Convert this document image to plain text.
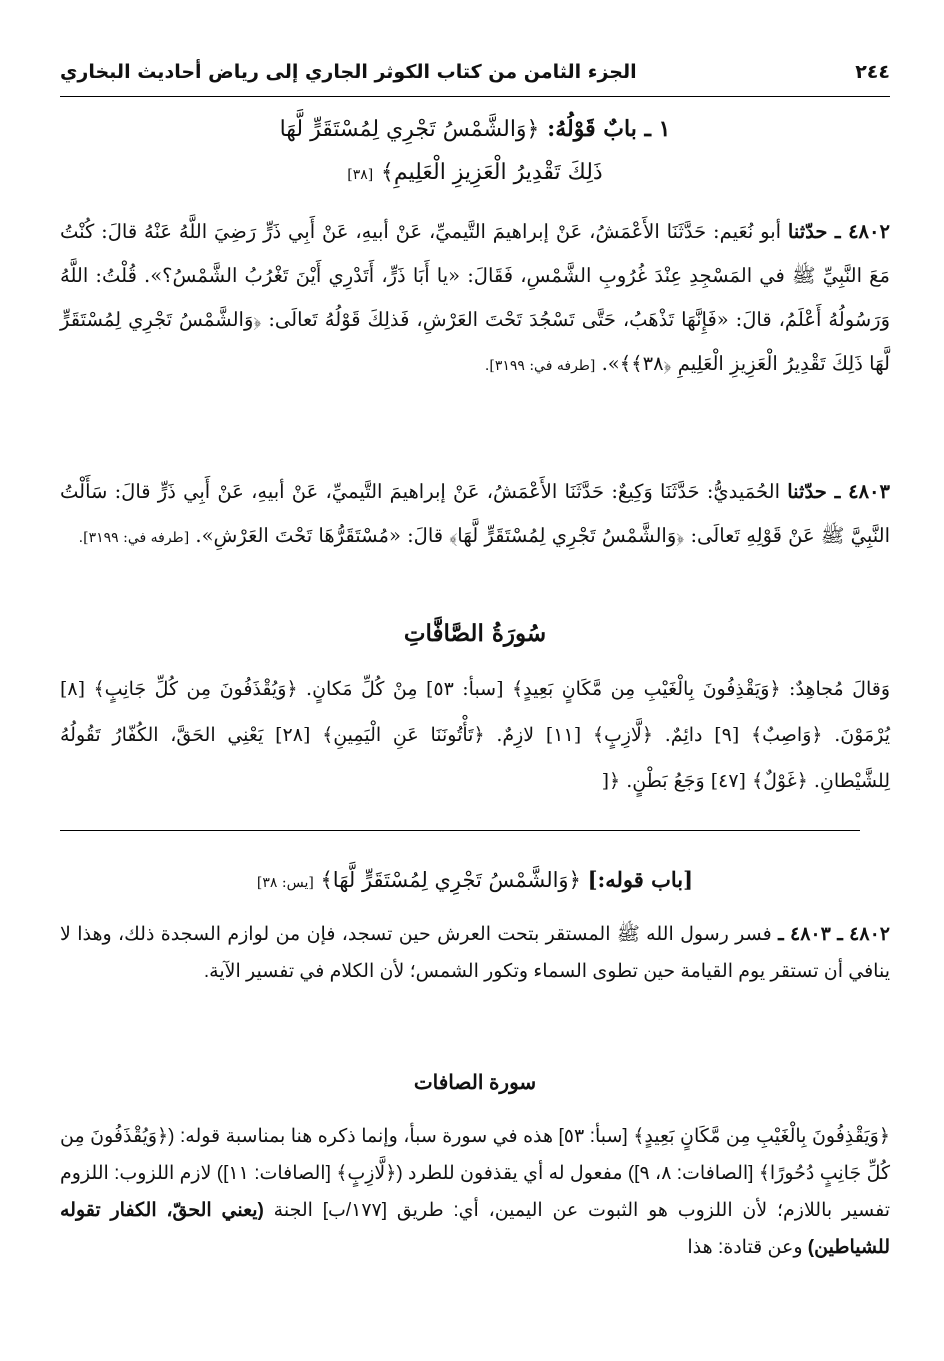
٢٤٤
الجزء الثامن من كتاب الكوثر الجاري إلى رياض أحاديث البخاري
١ ـ بابٌ قَوْلُهُ: ﴿وَالشَّمْسُ تَجْرِي لِمُسْتَقَرٍّ لَّهَا
ذَلِكَ تَقْدِيرُ الْعَزِيزِ الْعَلِيمِ﴾ [٣٨]
٤٨٠٢ ـ حدّثنا أبو نُعَيم: حَدَّثَنَا الأَعْمَشُ، عَنْ إبراهيمَ التَّيميِّ، عَنْ أبيهِ، عَنْ أَبِي ذَرٍّ رَضِيَ اللَّهُ عَنْهُ قالَ: كُنْتُ مَعَ النَّبِيِّ ﷺ في المَسْجِدِ عِنْدَ غُرُوبِ الشَّمْسِ، فَقَالَ: «يا أَبَا ذَرٍّ، أَتَدْرِي أَيْنَ تَغْرُبُ الشَّمْسُ؟». قُلْتُ: اللَّهُ وَرَسُولُهُ أَعْلَمُ، قالَ: «فَإِنَّهَا تَذْهَبُ، حَتَّى تَسْجُدَ تَحْتَ العَرْشِ، فَذلِكَ قَوْلُهُ تَعالَى: ﴿وَالشَّمْسُ تَجْرِي لِمُسْتَقَرٍّ لَّهَا ذَلِكَ تَقْدِيرُ الْعَزِيزِ الْعَلِيمِ ﴿٣٨﴾﴾». [طرفه في: ٣١٩٩].
٤٨٠٣ ـ حدّثنا الحُمَيديُّ: حَدَّثَنَا وَكِيعٌ: حَدَّثَنَا الأَعْمَشُ، عَنْ إبراهيمَ التَّيميِّ، عَنْ أبيهِ، عَنْ أَبِي ذَرٍّ قالَ: سَأَلْتُ النَّبِيَّ ﷺ عَنْ قَوْلِهِ تَعالَى: ﴿وَالشَّمْسُ تَجْرِي لِمُسْتَقَرٍّ لَّهَا﴾ قالَ: «مُسْتَقَرُّهَا تَحْتَ العَرْشِ». [طرفه في: ٣١٩٩].
سُورَةُ الصَّافَّاتِ
وَقالَ مُجاهِدٌ: ﴿وَيَقْذِفُونَ بِالْغَيْبِ مِن مَّكَانٍ بَعِيدٍ﴾ [سبأ: ٥٣] مِنْ كُلِّ مَكانٍ. ﴿وَيُقْذَفُونَ مِن كُلِّ جَانِبٍ﴾ [٨] يُرْمَوْنَ. ﴿وَاصِبٌ﴾ [٩] دائِمٌ. ﴿لَّازِبٍ﴾ [١١] لازِمٌ. ﴿تَأْتُونَنَا عَنِ الْيَمِينِ﴾ [٢٨] يَعْنِي الحَقَّ، الكُفّارُ تَقُولُهُ لِلشَّيْطانِ. ﴿غَوْلٌ﴾ [٤٧] وَجَعُ بَطْنٍ. ﴿[
[باب قوله:] ﴿وَالشَّمْسُ تَجْرِي لِمُسْتَقَرٍّ لَّهَا﴾ [يس: ٣٨]
٤٨٠٢ ـ ٤٨٠٣ ـ فسر رسول الله ﷺ المستقر بتحت العرش حين تسجد، فإن من لوازم السجدة ذلك، وهذا لا ينافي أن تستقر يوم القيامة حين تطوى السماء وتكور الشمس؛ لأن الكلام في تفسير الآية.
سورة الصافات
﴿وَيَقْذِفُونَ بِالْغَيْبِ مِن مَّكَانٍ بَعِيدٍ﴾ [سبأ: ٥٣] هذه في سورة سبأ، وإنما ذكره هنا بمناسبة قوله: (﴿وَيُقْذَفُونَ مِن كُلِّ جَانِبٍ دُحُورًا﴾ [الصافات: ٨، ٩]) مفعول له أي يقذفون للطرد (﴿لَّازِبٍ﴾ [الصافات: ١١]) لازم اللزوب: اللزوم تفسير باللازم؛ لأن اللزوب هو الثبوت عن اليمين، أي: طريق [١٧٧/ب] الجنة (يعني الحقّ، الكفار تقوله للشياطين) وعن قتادة: هذا
